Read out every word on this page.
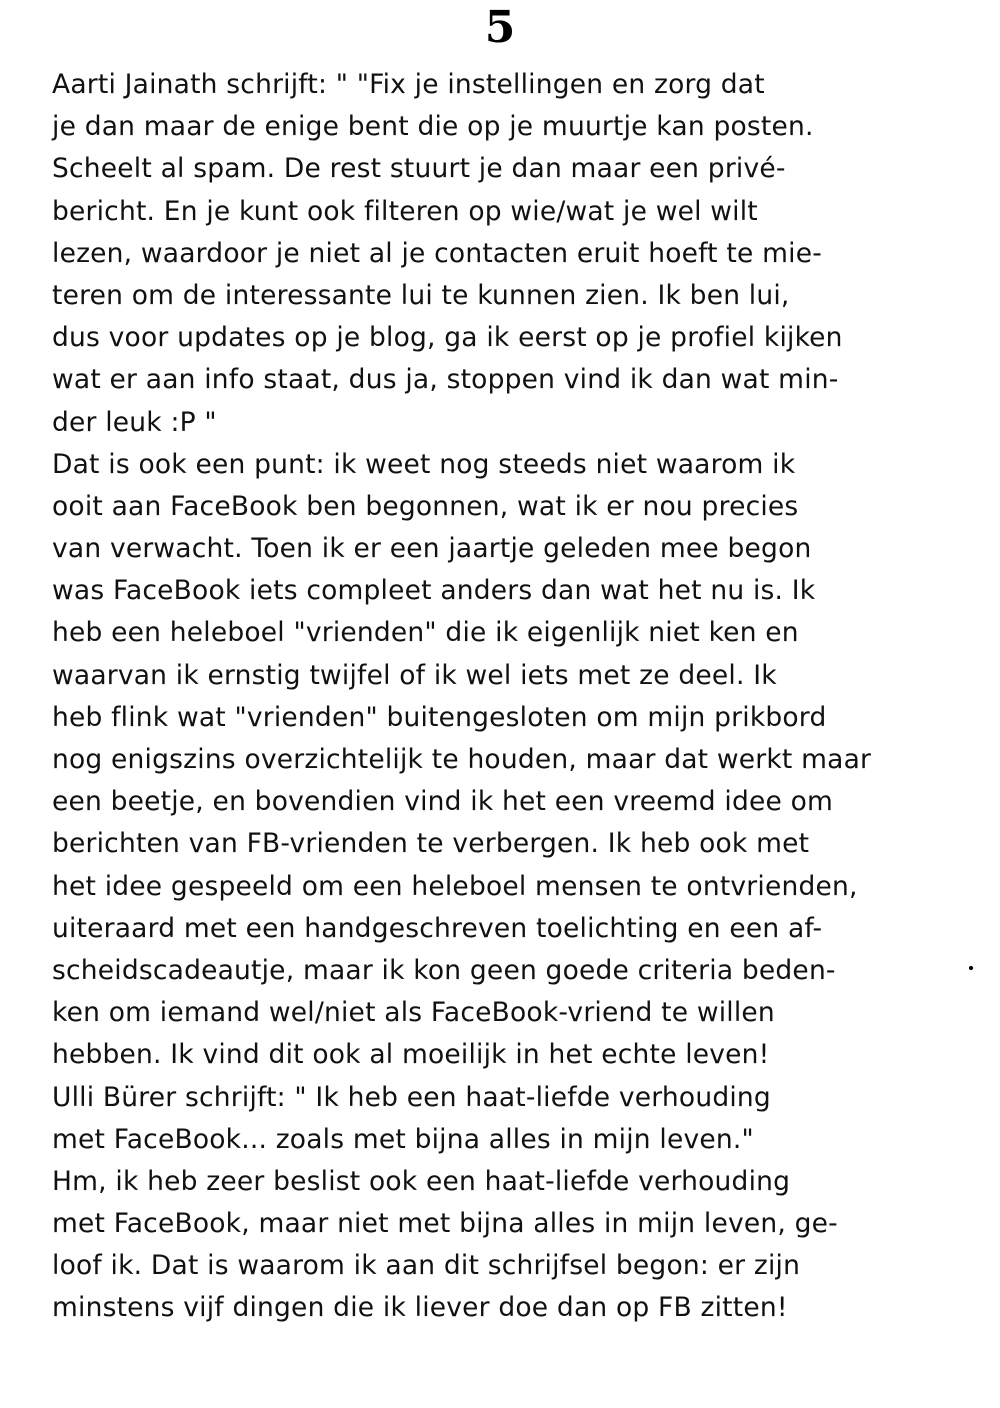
5
Aarti Jainath schrijft: " "Fix je instellingen en zorg dat
je dan maar de enige bent die op je muurtje kan posten.
Scheelt al spam. De rest stuurt je dan maar een privé-
bericht. En je kunt ook filteren op wie/wat je wel wilt
lezen, waardoor je niet al je contacten eruit hoeft te mie-
teren om de interessante lui te kunnen zien. Ik ben lui,
dus voor updates op je blog, ga ik eerst op je profiel kijken
wat er aan info staat, dus ja, stoppen vind ik dan wat min-
der leuk :P "
Dat is ook een punt: ik weet nog steeds niet waarom ik
ooit aan FaceBook ben begonnen, wat ik er nou precies
van verwacht. Toen ik er een jaartje geleden mee begon
was FaceBook iets compleet anders dan wat het nu is. Ik
heb een heleboel "vrienden" die ik eigenlijk niet ken en
waarvan ik ernstig twijfel of ik wel iets met ze deel. Ik
heb flink wat "vrienden" buitengesloten om mijn prikbord
nog enigszins overzichtelijk te houden, maar dat werkt maar
een beetje, en bovendien vind ik het een vreemd idee om
berichten van FB-vrienden te verbergen. Ik heb ook met
het idee gespeeld om een heleboel mensen te ontvrienden,
uiteraard met een handgeschreven toelichting en een af-
scheidscadeautje, maar ik kon geen goede criteria beden-
ken om iemand wel/niet als FaceBook-vriend te willen
hebben. Ik vind dit ook al moeilijk in het echte leven!
Ulli Bürer schrijft: " Ik heb een haat-liefde verhouding
met FaceBook... zoals met bijna alles in mijn leven."
Hm, ik heb zeer beslist ook een haat-liefde verhouding
met FaceBook, maar niet met bijna alles in mijn leven, ge-
loof ik. Dat is waarom ik aan dit schrijfsel begon: er zijn
minstens vijf dingen die ik liever doe dan op FB zitten!
